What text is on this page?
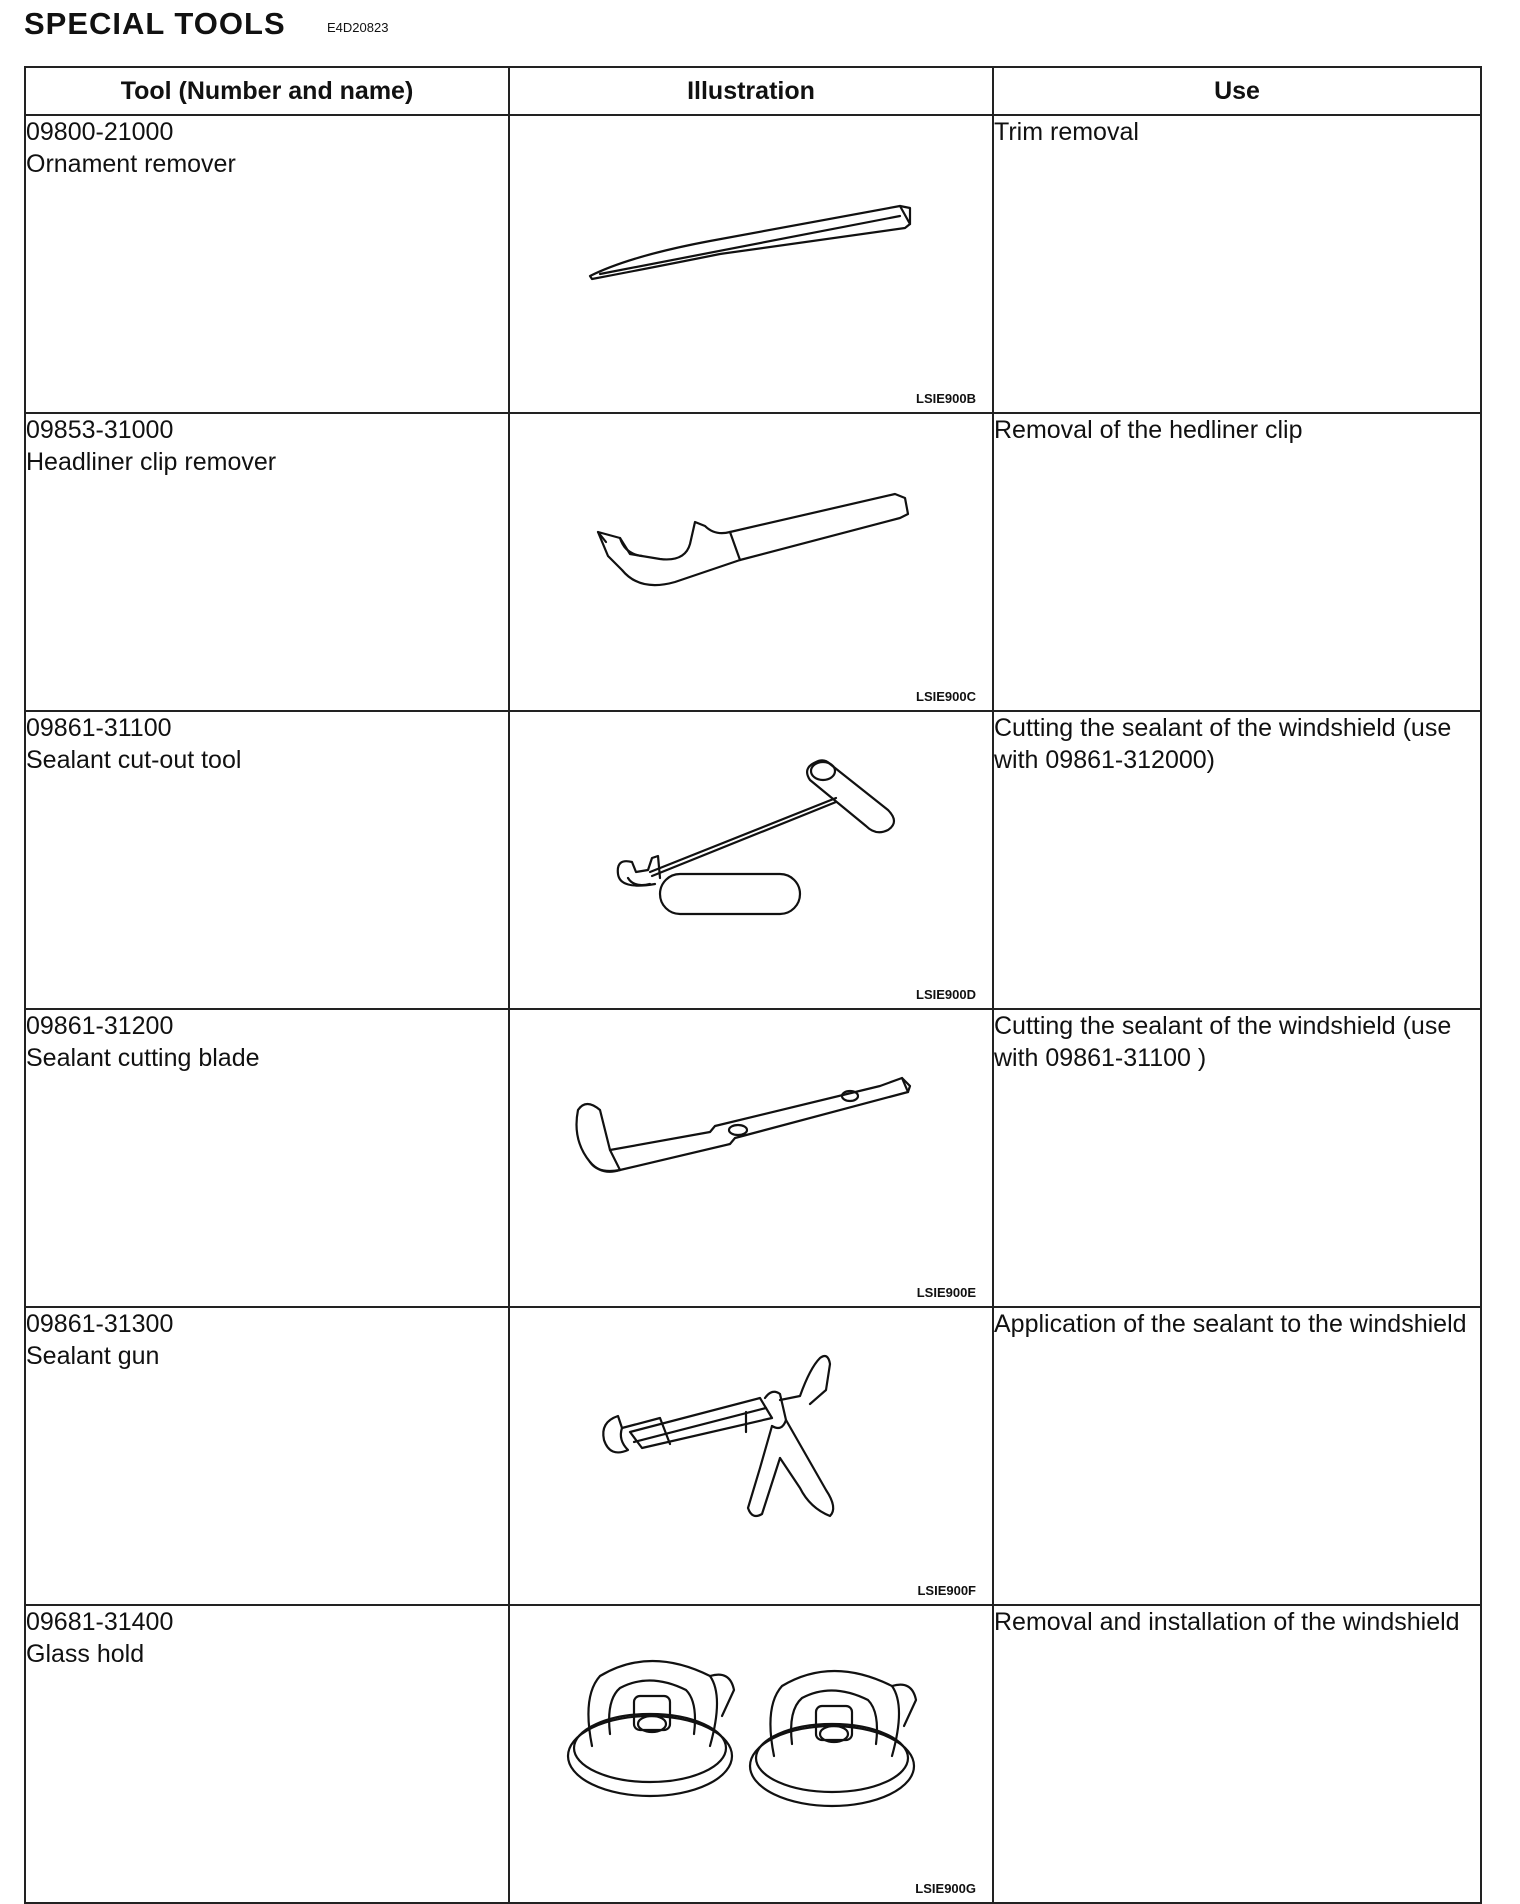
SPECIAL TOOLS	E4D20823
Tool (Number and name)	Illustration	Use

09800-21000
Ornament remover	LSIE900B	Trim removal

09853-31000
Headliner clip remover	LSIE900C	Removal of the hedliner clip

09861-31100
Sealant cut-out tool	LSIE900D	Cutting the sealant of the windshield (use with 09861-312000)

09861-31200
Sealant cutting blade	LSIE900E	Cutting the sealant of the windshield (use with 09861-31100 )

09861-31300
Sealant gun	LSIE900F	Application of the sealant to the windshield

09681-31400
Glass hold	LSIE900G	Removal and installation of the windshield
